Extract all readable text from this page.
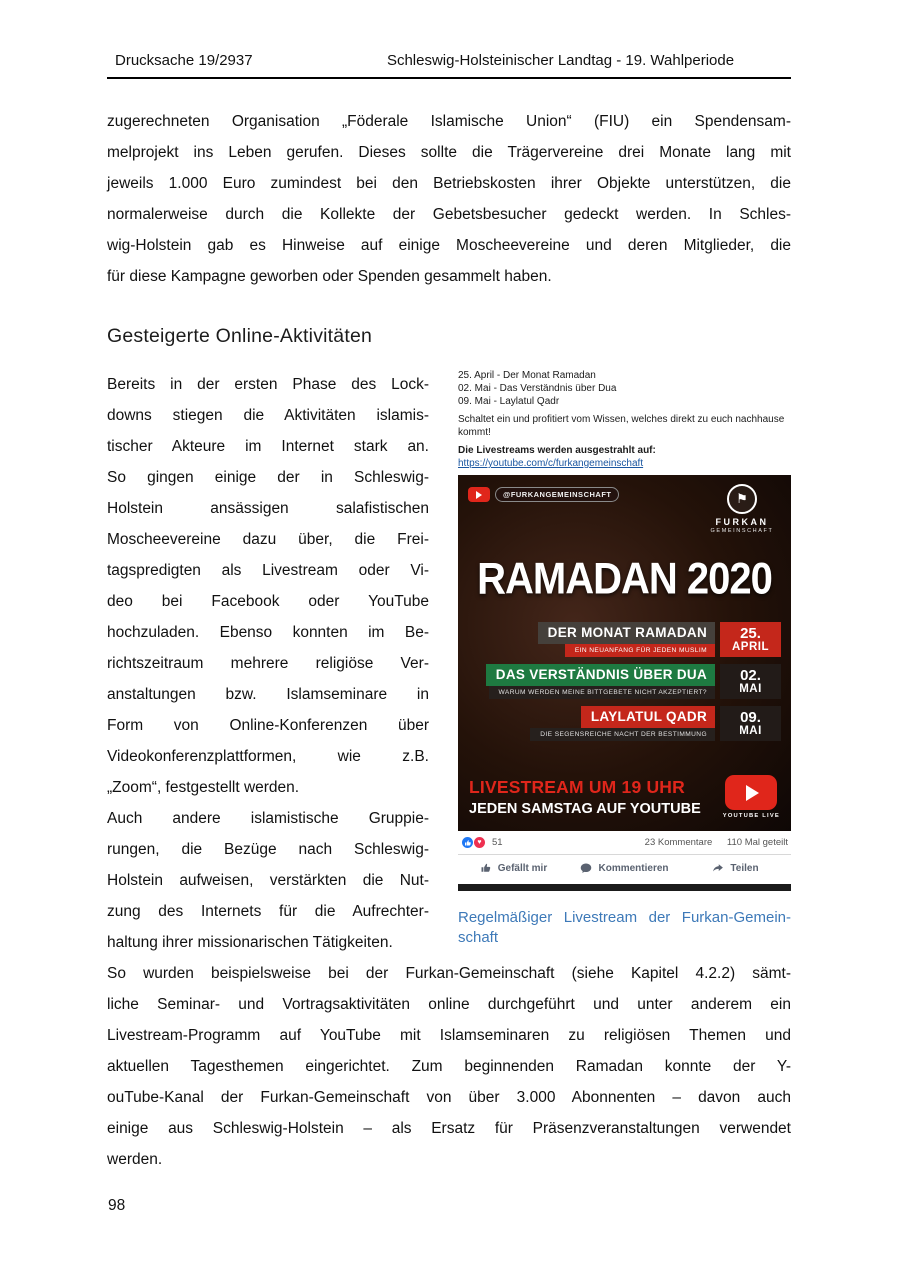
Drucksache 19/2937	Schleswig-Holsteinischer Landtag - 19. Wahlperiode
zugerechneten Organisation „Föderale Islamische Union“ (FIU) ein Spendensam-
melprojekt ins Leben gerufen. Dieses sollte die Trägervereine drei Monate lang mit
jeweils 1.000 Euro zumindest bei den Betriebskosten ihrer Objekte unterstützen, die
normalerweise durch die Kollekte der Gebetsbesucher gedeckt werden. In Schles-
wig-Holstein gab es Hinweise auf einige Moscheevereine und deren Mitglieder, die
für diese Kampagne geworben oder Spenden gesammelt haben.
Gesteigerte Online-Aktivitäten
Bereits in der ersten Phase des Lock-
downs stiegen die Aktivitäten islamis-
tischer Akteure im Internet stark an.
So gingen einige der in Schleswig-
Holstein ansässigen salafistischen
Moscheevereine dazu über, die Frei-
tagspredigten als Livestream oder Vi-
deo bei Facebook oder YouTube
hochzuladen. Ebenso konnten im Be-
richtszeitraum mehrere religiöse Ver-
anstaltungen bzw. Islamseminare in
Form von Online-Konferenzen über
Videokonferenzplattformen, wie z.B.
„Zoom“, festgestellt werden.
Auch andere islamistische Gruppie-
rungen, die Bezüge nach Schleswig-
Holstein aufweisen, verstärkten die Nut-
zung des Internets für die Aufrechter-
haltung ihrer missionarischen Tätigkeiten.
25. April - Der Monat Ramadan
02. Mai - Das Verständnis über Dua
09. Mai - Laylatul Qadr
Schaltet ein und profitiert vom Wissen, welches direkt zu euch nachhause kommt!
Die Livestreams werden ausgestrahlt auf:
https://youtube.com/c/furkangemeinschaft
@FURKANGEMEINSCHAFT	⚑
FURKAN
GEMEINSCHAFT
RAMADAN 2020
DER MONAT RAMADAN
EIN NEUANFANG FÜR JEDEN MUSLIM
25.
APRIL
DAS VERSTÄNDNIS ÜBER DUA
WARUM WERDEN MEINE BITTGEBETE NICHT AKZEPTIERT?
02.
MAI
LAYLATUL QADR
DIE SEGENSREICHE NACHT DER BESTIMMUNG
09.
MAI
LIVESTREAM UM 19 UHR
JEDEN SAMSTAG AUF YOUTUBE	YOUTUBE LIVE
♥	51	23 Kommentare 110 Mal geteilt
Gefällt mir	Kommentieren	Teilen
Regelmäßiger Livestream der Furkan-Gemein-
schaft
So wurden beispielsweise bei der Furkan-Gemeinschaft (siehe Kapitel 4.2.2) sämt-
liche Seminar- und Vortragsaktivitäten online durchgeführt und unter anderem ein
Livestream-Programm auf YouTube mit Islamseminaren zu religiösen Themen und
aktuellen Tagesthemen eingerichtet. Zum beginnenden Ramadan konnte der Y-
ouTube-Kanal der Furkan-Gemeinschaft von über 3.000 Abonnenten – davon auch
einige aus Schleswig-Holstein – als Ersatz für Präsenzveranstaltungen verwendet
werden.
98
